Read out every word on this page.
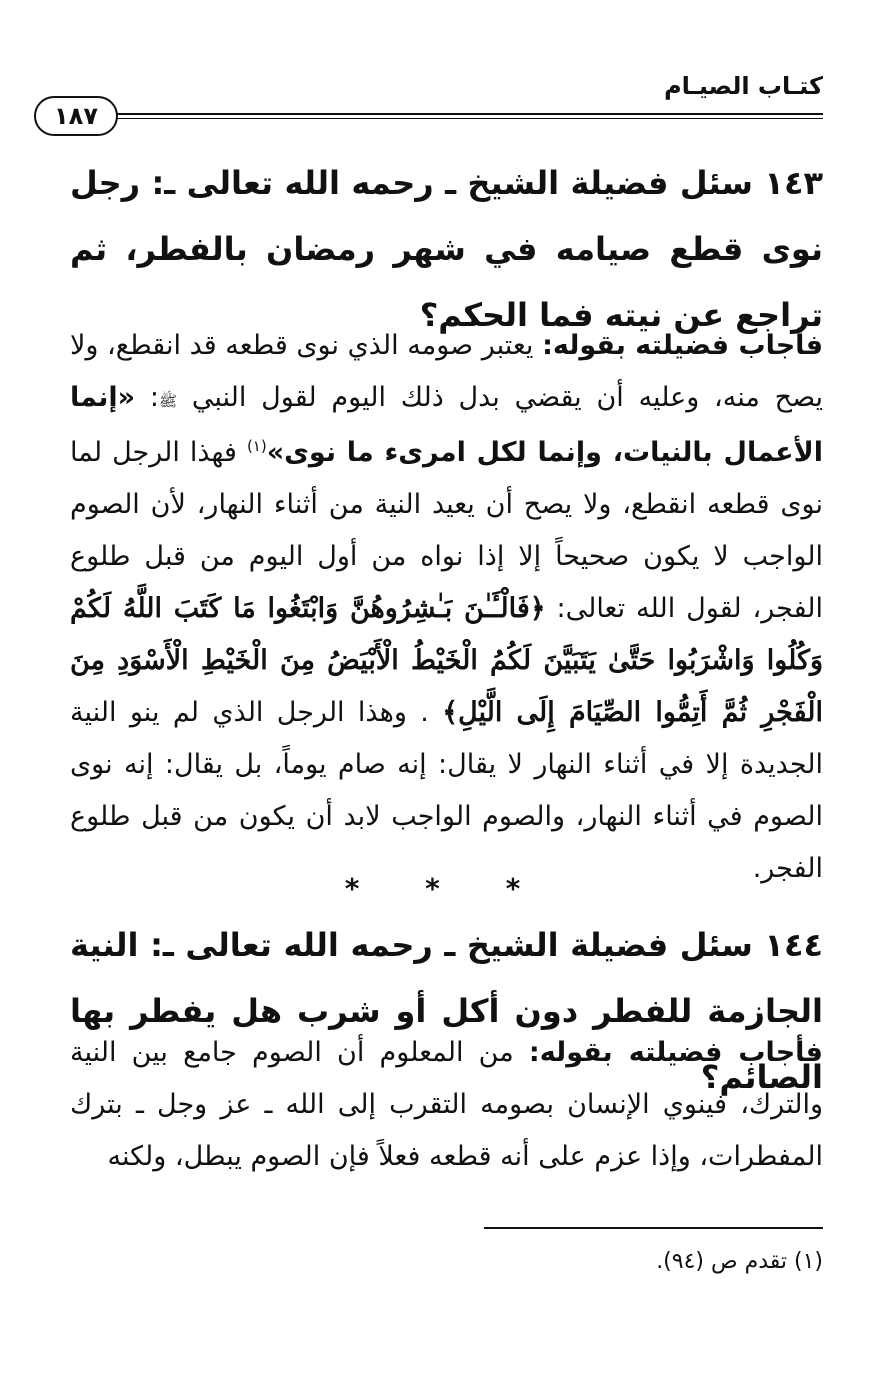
كتـاب الصيـام
١٨٧

١٤٣ سئل فضيلة الشيخ ـ رحمه الله تعالى ـ: رجل نوى قطع صيامه في شهر رمضان بالفطر، ثم تراجع عن نيته فما الحكم؟

فأجاب فضيلته بقوله: يعتبر صومه الذي نوى قطعه قد انقطع، ولا يصح منه، وعليه أن يقضي بدل ذلك اليوم لقول النبي ﷺ: «إنما الأعمال بالنيات، وإنما لكل امرىء ما نوى»$^{(١)}$ فهذا الرجل لما نوى قطعه انقطع، ولا يصح أن يعيد النية من أثناء النهار، لأن الصوم الواجب لا يكون صحيحاً إلا إذا نواه من أول اليوم من قبل طلوع الفجر، لقول الله تعالى: ﴿فَالْـَٔـٰنَ بَـٰشِرُوهُنَّ وَابْتَغُوا مَا كَتَبَ اللَّهُ لَكُمْ وَكُلُوا وَاشْرَبُوا حَتَّىٰ يَتَبَيَّنَ لَكُمُ الْخَيْطُ الْأَبْيَضُ مِنَ الْخَيْطِ الْأَسْوَدِ مِنَ الْفَجْرِ ثُمَّ أَتِمُّوا الصِّيَامَ إِلَى الَّيْلِ﴾ . وهذا الرجل الذي لم ينو النية الجديدة إلا في أثناء النهار لا يقال: إنه صام يوماً، بل يقال: إنه نوى الصوم في أثناء النهار، والصوم الواجب لابد أن يكون من قبل طلوع الفجر.

* * *

١٤٤ سئل فضيلة الشيخ ـ رحمه الله تعالى ـ: النية الجازمة للفطر دون أكل أو شرب هل يفطر بها الصائم؟

فأجاب فضيلته بقوله: من المعلوم أن الصوم جامع بين النية والترك، فينوي الإنسان بصومه التقرب إلى الله ـ عز وجل ـ بترك المفطرات، وإذا عزم على أنه قطعه فعلاً فإن الصوم يبطل، ولكنه

(١) تقدم ص (٩٤).
